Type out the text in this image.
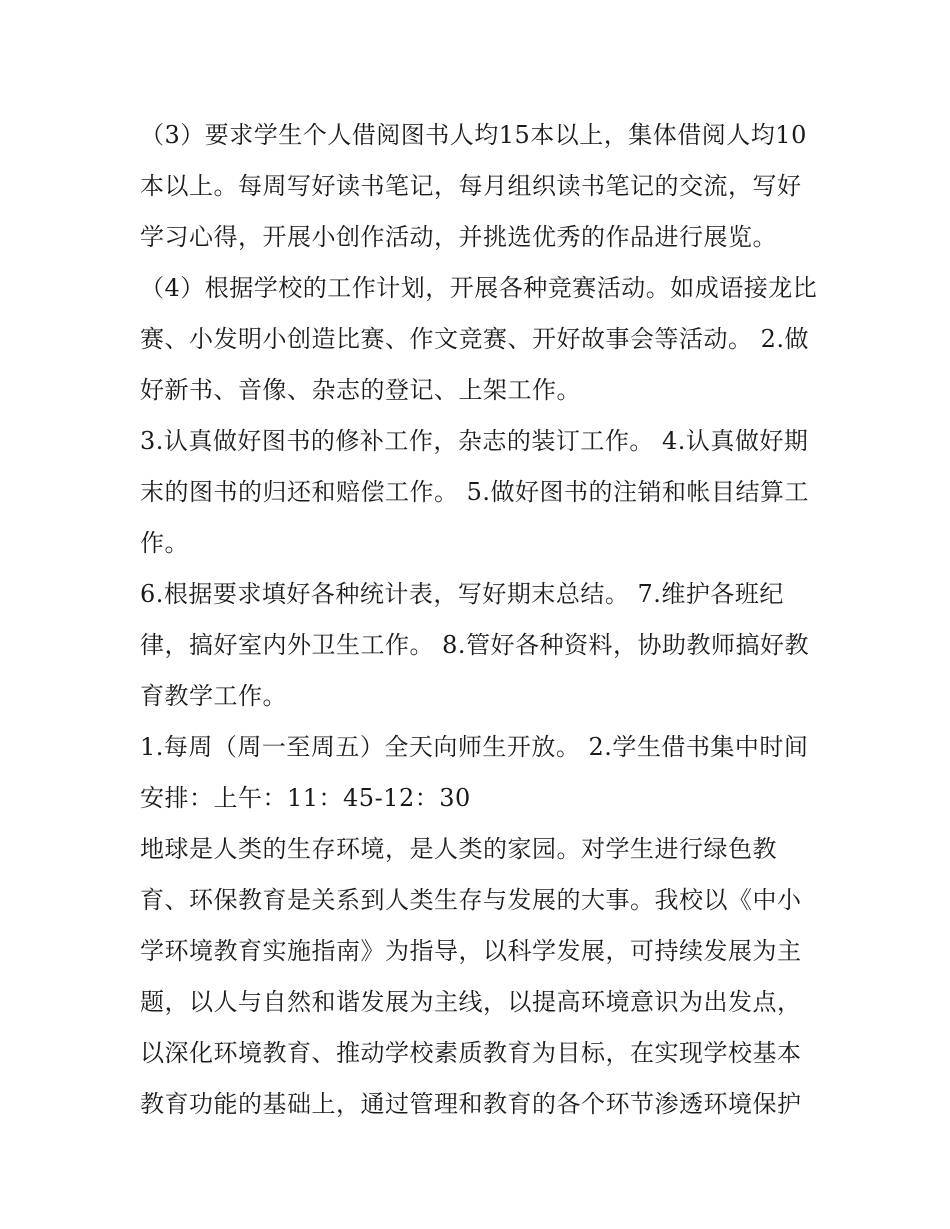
（3）要求学生个人借阅图书人均15本以上，集体借阅人均10本以上。每周写好读书笔记，每月组织读书笔记的交流，写好学习心得，开展小创作活动，并挑选优秀的作品进行展览。

（4）根据学校的工作计划，开展各种竞赛活动。如成语接龙比赛、小发明小创造比赛、作文竞赛、开好故事会等活动。 2.做好新书、音像、杂志的登记、上架工作。

3.认真做好图书的修补工作，杂志的装订工作。 4.认真做好期末的图书的归还和赔偿工作。 5.做好图书的注销和帐目结算工作。

6.根据要求填好各种统计表，写好期末总结。 7.维护各班纪律，搞好室内外卫生工作。 8.管好各种资料，协助教师搞好教育教学工作。

1.每周（周一至周五）全天向师生开放。 2.学生借书集中时间安排：上午：11：45-12：30

地球是人类的生存环境，是人类的家园。对学生进行绿色教育、环保教育是关系到人类生存与发展的大事。我校以《中小学环境教育实施指南》为指导，以科学发展，可持续发展为主题，以人与自然和谐发展为主线，以提高环境意识为出发点，以深化环境教育、推动学校素质教育为目标，在实现学校基本教育功能的基础上，通过管理和教育的各个环节渗透环境保护
